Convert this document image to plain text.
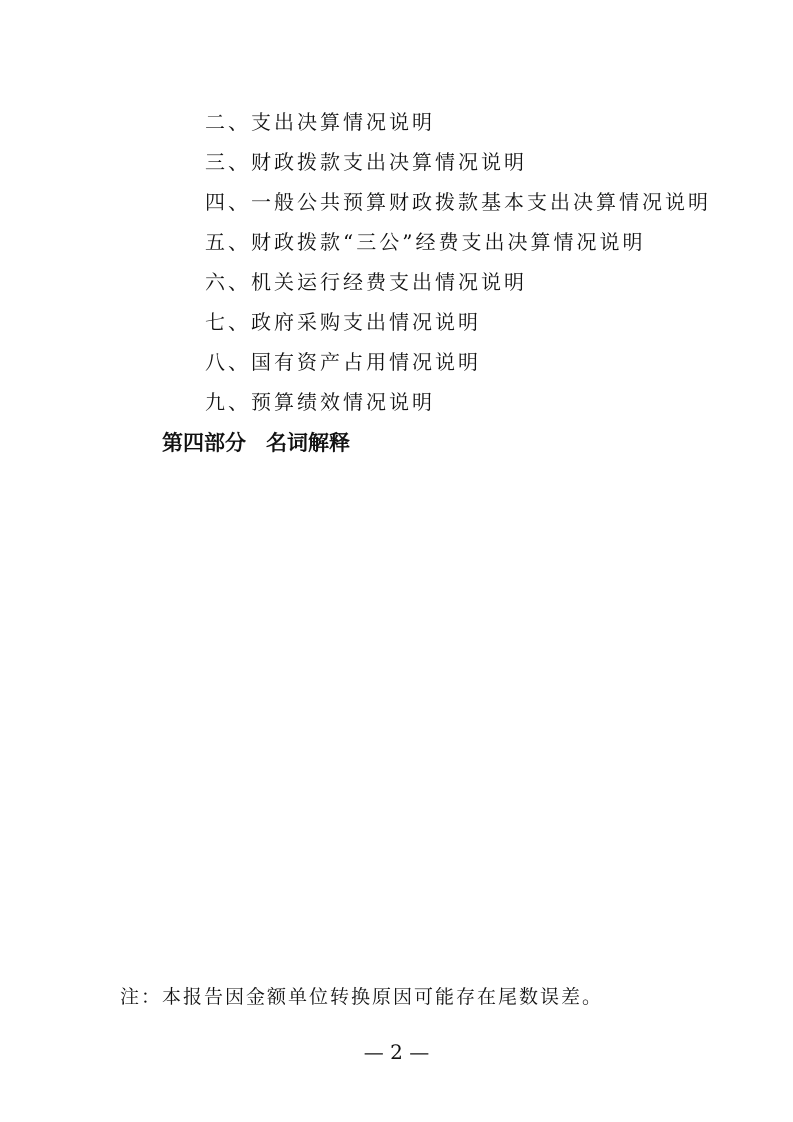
二、支出决算情况说明
三、财政拨款支出决算情况说明
四、一般公共预算财政拨款基本支出决算情况说明
五、财政拨款“三公”经费支出决算情况说明
六、机关运行经费支出情况说明
七、政府采购支出情况说明
八、国有资产占用情况说明
九、预算绩效情况说明
第四部分 名词解释
注：本报告因金额单位转换原因可能存在尾数误差。
— 2 —
